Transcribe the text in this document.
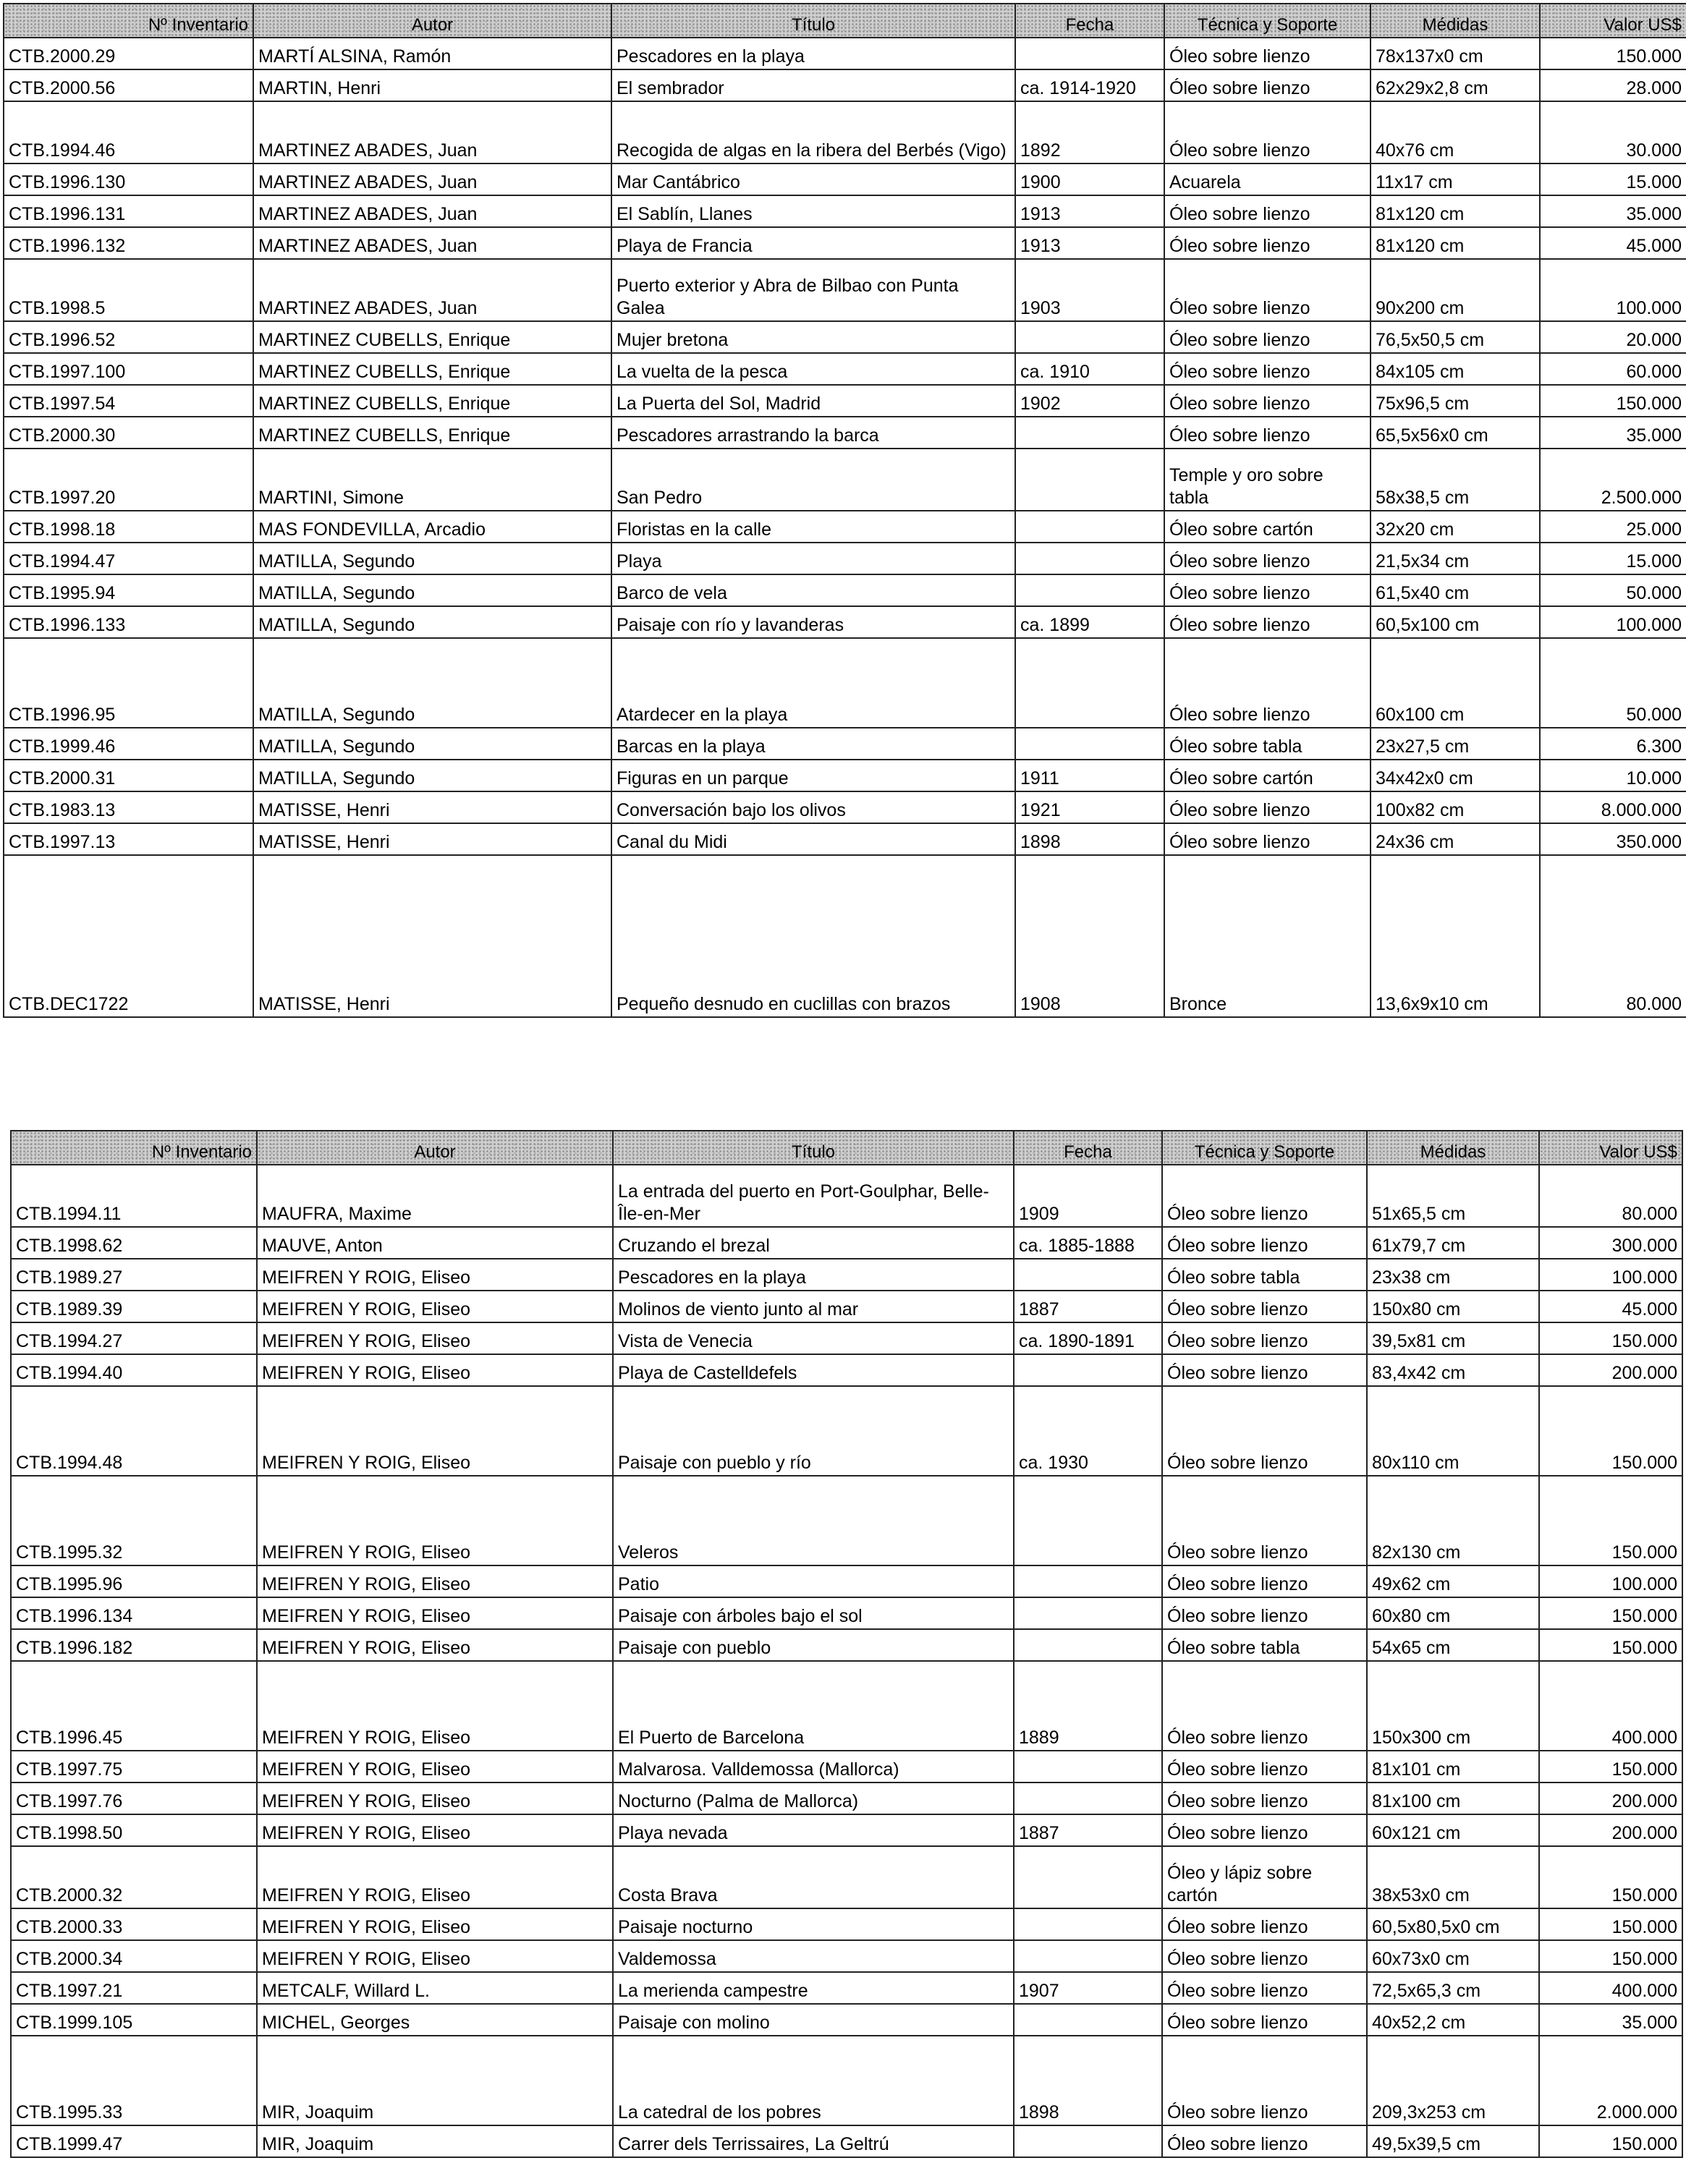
Nº Inventario	Autor	Título	Fecha	Técnica y Soporte	Médidas	Valor US$
CTB.2000.29	MARTÍ ALSINA, Ramón	Pescadores en la playa		Óleo sobre lienzo	78x137x0 cm	150.000
CTB.2000.56	MARTIN, Henri	El sembrador	ca. 1914-1920	Óleo sobre lienzo	62x29x2,8 cm	28.000
CTB.1994.46	MARTINEZ ABADES, Juan	Recogida de algas en la ribera del Berbés (Vigo)	1892	Óleo sobre lienzo	40x76 cm	30.000
CTB.1996.130	MARTINEZ ABADES, Juan	Mar Cantábrico	1900	Acuarela	11x17 cm	15.000
CTB.1996.131	MARTINEZ ABADES, Juan	El Sablín, Llanes	1913	Óleo sobre lienzo	81x120 cm	35.000
CTB.1996.132	MARTINEZ ABADES, Juan	Playa de Francia	1913	Óleo sobre lienzo	81x120 cm	45.000
CTB.1998.5	MARTINEZ ABADES, Juan	Puerto exterior y Abra de Bilbao con Punta Galea	1903	Óleo sobre lienzo	90x200 cm	100.000
CTB.1996.52	MARTINEZ CUBELLS, Enrique	Mujer bretona		Óleo sobre lienzo	76,5x50,5 cm	20.000
CTB.1997.100	MARTINEZ CUBELLS, Enrique	La vuelta de la pesca	ca. 1910	Óleo sobre lienzo	84x105 cm	60.000
CTB.1997.54	MARTINEZ CUBELLS, Enrique	La Puerta del Sol, Madrid	1902	Óleo sobre lienzo	75x96,5 cm	150.000
CTB.2000.30	MARTINEZ CUBELLS, Enrique	Pescadores arrastrando la barca		Óleo sobre lienzo	65,5x56x0 cm	35.000
CTB.1997.20	MARTINI, Simone	San Pedro		Temple y oro sobre tabla	58x38,5 cm	2.500.000
CTB.1998.18	MAS FONDEVILLA, Arcadio	Floristas en la calle		Óleo sobre cartón	32x20 cm	25.000
CTB.1994.47	MATILLA, Segundo	Playa		Óleo sobre lienzo	21,5x34 cm	15.000
CTB.1995.94	MATILLA, Segundo	Barco de vela		Óleo sobre lienzo	61,5x40 cm	50.000
CTB.1996.133	MATILLA, Segundo	Paisaje con río y lavanderas	ca. 1899	Óleo sobre lienzo	60,5x100 cm	100.000
CTB.1996.95	MATILLA, Segundo	Atardecer en la playa		Óleo sobre lienzo	60x100 cm	50.000
CTB.1999.46	MATILLA, Segundo	Barcas en la playa		Óleo sobre tabla	23x27,5 cm	6.300
CTB.2000.31	MATILLA, Segundo	Figuras en un parque	1911	Óleo sobre cartón	34x42x0 cm	10.000
CTB.1983.13	MATISSE, Henri	Conversación bajo los olivos	1921	Óleo sobre lienzo	100x82 cm	8.000.000
CTB.1997.13	MATISSE, Henri	Canal du Midi	1898	Óleo sobre lienzo	24x36 cm	350.000
CTB.DEC1722	MATISSE, Henri	Pequeño desnudo en cuclillas con brazos	1908	Bronce	13,6x9x10 cm	80.000
Nº Inventario	Autor	Título	Fecha	Técnica y Soporte	Médidas	Valor US$
CTB.1994.11	MAUFRA, Maxime	La entrada del puerto en Port-Goulphar, Belle-Île-en-Mer	1909	Óleo sobre lienzo	51x65,5 cm	80.000
CTB.1998.62	MAUVE, Anton	Cruzando el brezal	ca. 1885-1888	Óleo sobre lienzo	61x79,7 cm	300.000
CTB.1989.27	MEIFREN Y ROIG, Eliseo	Pescadores en la playa		Óleo sobre tabla	23x38 cm	100.000
CTB.1989.39	MEIFREN Y ROIG, Eliseo	Molinos de viento junto al mar	1887	Óleo sobre lienzo	150x80 cm	45.000
CTB.1994.27	MEIFREN Y ROIG, Eliseo	Vista de Venecia	ca. 1890-1891	Óleo sobre lienzo	39,5x81 cm	150.000
CTB.1994.40	MEIFREN Y ROIG, Eliseo	Playa de Castelldefels		Óleo sobre lienzo	83,4x42 cm	200.000
CTB.1994.48	MEIFREN Y ROIG, Eliseo	Paisaje con pueblo y río	ca. 1930	Óleo sobre lienzo	80x110 cm	150.000
CTB.1995.32	MEIFREN Y ROIG, Eliseo	Veleros		Óleo sobre lienzo	82x130 cm	150.000
CTB.1995.96	MEIFREN Y ROIG, Eliseo	Patio		Óleo sobre lienzo	49x62 cm	100.000
CTB.1996.134	MEIFREN Y ROIG, Eliseo	Paisaje con árboles bajo el sol		Óleo sobre lienzo	60x80 cm	150.000
CTB.1996.182	MEIFREN Y ROIG, Eliseo	Paisaje con pueblo		Óleo sobre tabla	54x65 cm	150.000
CTB.1996.45	MEIFREN Y ROIG, Eliseo	El Puerto de Barcelona	1889	Óleo sobre lienzo	150x300 cm	400.000
CTB.1997.75	MEIFREN Y ROIG, Eliseo	Malvarosa. Valldemossa (Mallorca)		Óleo sobre lienzo	81x101 cm	150.000
CTB.1997.76	MEIFREN Y ROIG, Eliseo	Nocturno (Palma de Mallorca)		Óleo sobre lienzo	81x100 cm	200.000
CTB.1998.50	MEIFREN Y ROIG, Eliseo	Playa nevada	1887	Óleo sobre lienzo	60x121 cm	200.000
CTB.2000.32	MEIFREN Y ROIG, Eliseo	Costa Brava		Óleo y lápiz sobre cartón	38x53x0 cm	150.000
CTB.2000.33	MEIFREN Y ROIG, Eliseo	Paisaje nocturno		Óleo sobre lienzo	60,5x80,5x0 cm	150.000
CTB.2000.34	MEIFREN Y ROIG, Eliseo	Valdemossa		Óleo sobre lienzo	60x73x0 cm	150.000
CTB.1997.21	METCALF, Willard L.	La merienda campestre	1907	Óleo sobre lienzo	72,5x65,3 cm	400.000
CTB.1999.105	MICHEL, Georges	Paisaje con molino		Óleo sobre lienzo	40x52,2 cm	35.000
CTB.1995.33	MIR, Joaquim	La catedral de los pobres	1898	Óleo sobre lienzo	209,3x253 cm	2.000.000
CTB.1999.47	MIR, Joaquim	Carrer dels Terrissaires, La Geltrú		Óleo sobre lienzo	49,5x39,5 cm	150.000
